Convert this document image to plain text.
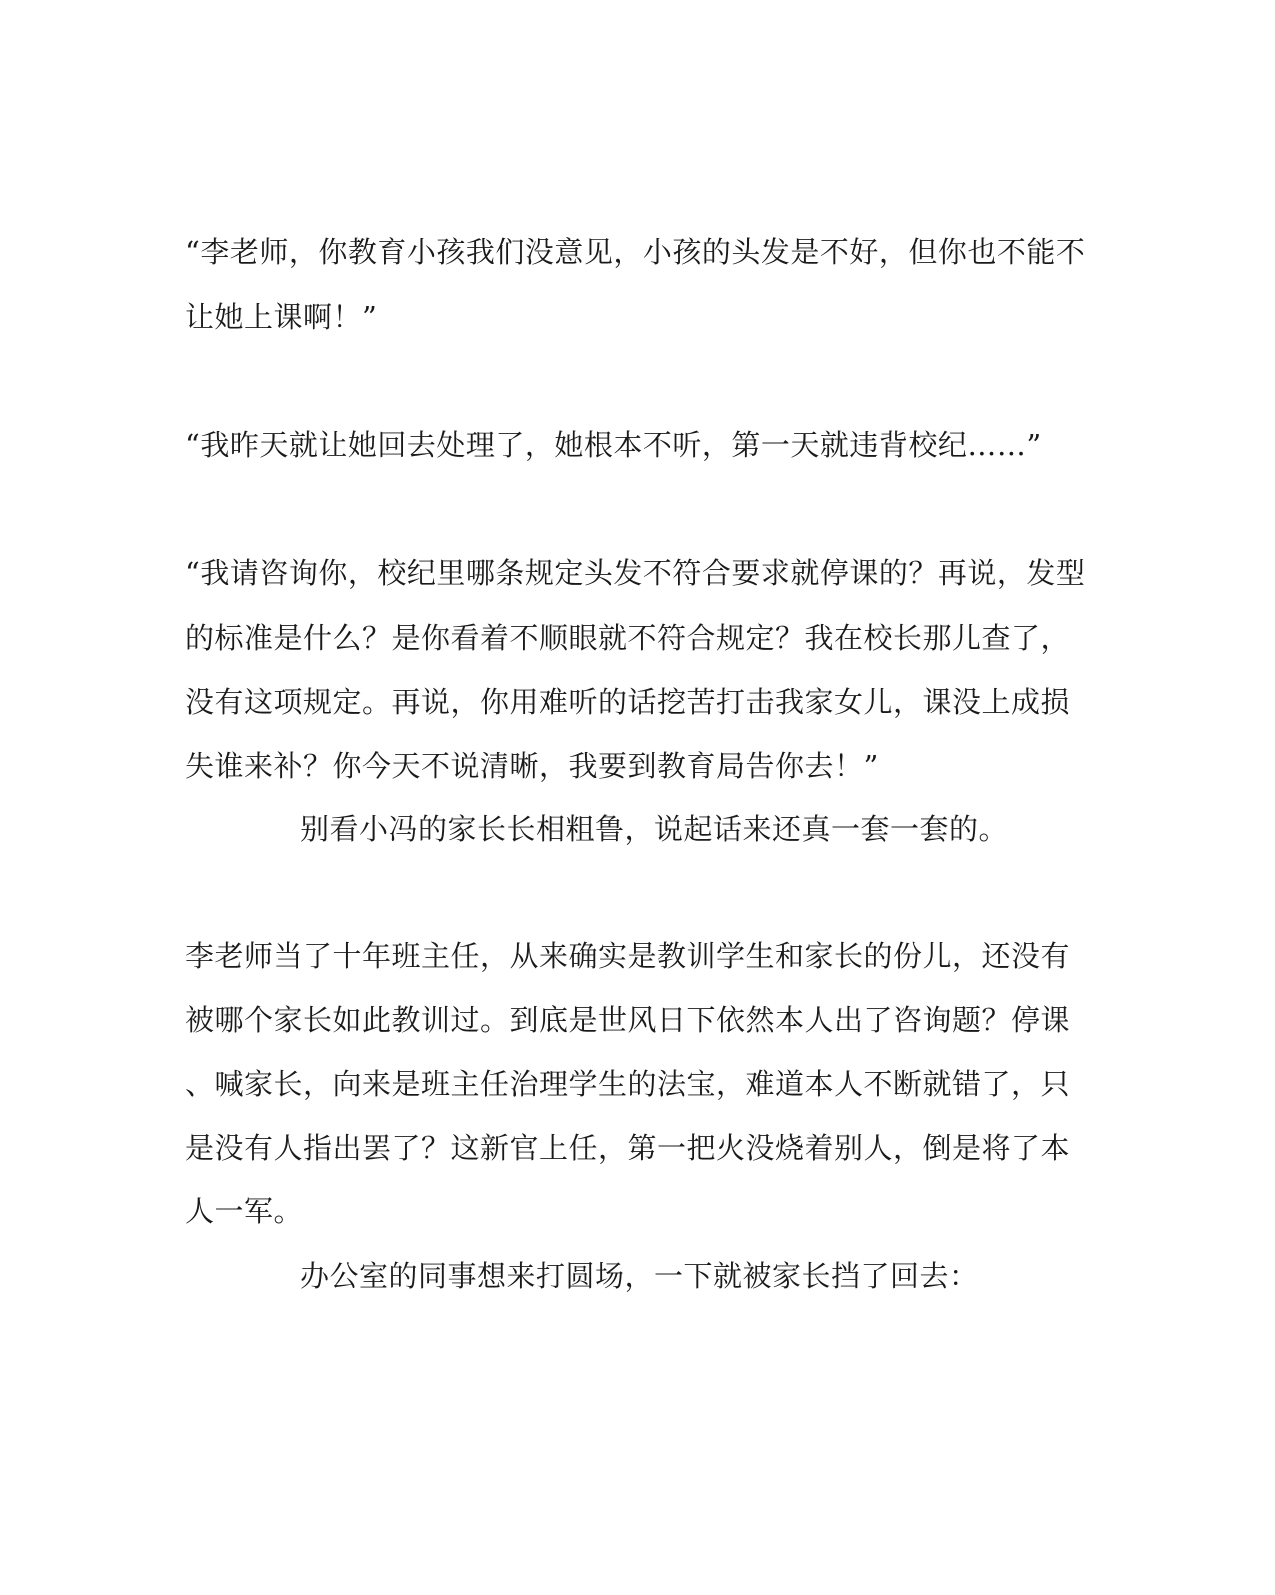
“李老师，你教育小孩我们没意见，小孩的头发是不好，但你也不能不
让她上课啊！”
“我昨天就让她回去处理了，她根本不听，第一天就违背校纪……”
“我请咨询你，校纪里哪条规定头发不符合要求就停课的？再说，发型
的标准是什么？是你看着不顺眼就不符合规定？我在校长那儿查了，
没有这项规定。再说，你用难听的话挖苦打击我家女儿，课没上成损
失谁来补？你今天不说清晰，我要到教育局告你去！”
别看小冯的家长长相粗鲁，说起话来还真一套一套的。
李老师当了十年班主任，从来确实是教训学生和家长的份儿，还没有
被哪个家长如此教训过。到底是世风日下依然本人出了咨询题？停课
、喊家长，向来是班主任治理学生的法宝，难道本人不断就错了，只
是没有人指出罢了？这新官上任，第一把火没烧着别人，倒是将了本
人一军。
办公室的同事想来打圆场，一下就被家长挡了回去：
